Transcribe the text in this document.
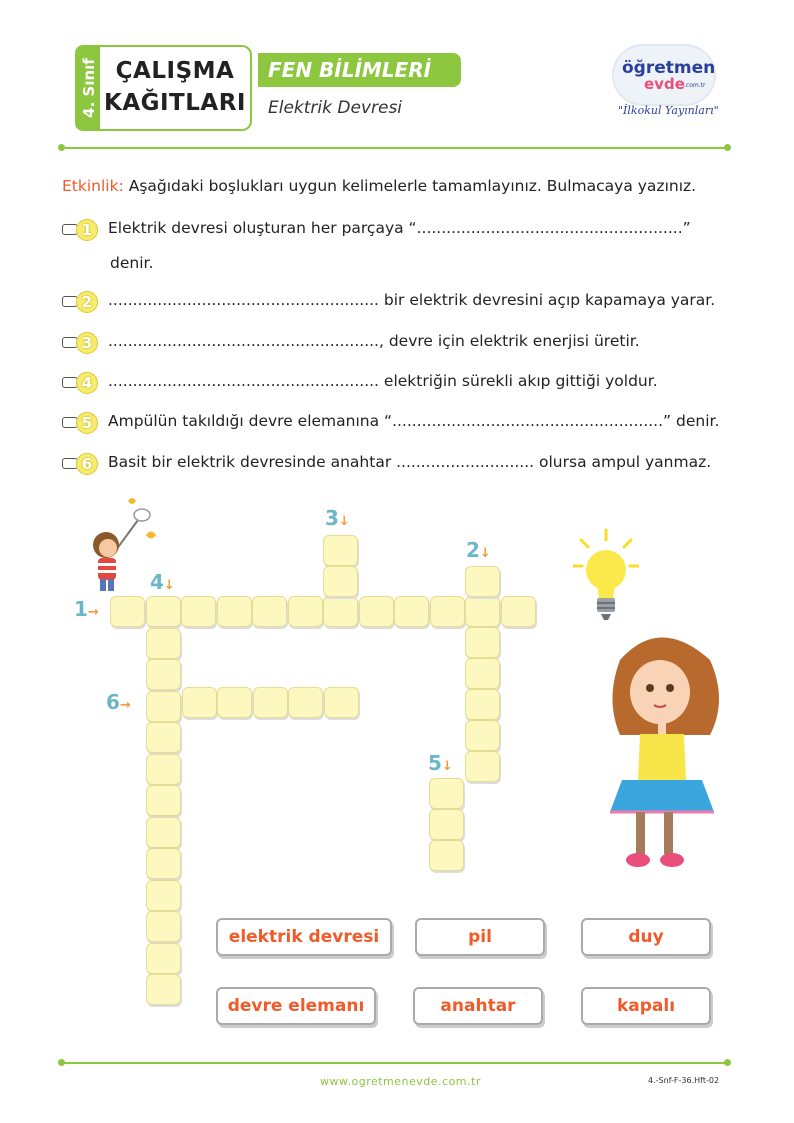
4. Sınıf ÇALIŞMA
KAĞITLARI
FEN BİLİMLERİ
Elektrik Devresi
öğretmen
evde .com.tr
"İlkokul Yayınları"
Etkinlik: Aşağıdaki boşlukları uygun kelimelerle tamamlayınız. Bulmacaya yazınız.
1	Elektrik devresi oluşturan her parçaya “......................................................”
denir.
2	....................................................... bir elektrik devresini açıp kapamaya yarar.
3	......................................................., devre için elektrik enerjisi üretir.
4	....................................................... elektriğin sürekli akıp gittiği yoldur.
5	Ampülün takıldığı devre elemanına “.......................................................” denir.
6	Basit bir elektrik devresinde anahtar ............................ olursa ampul yanmaz.
1→
2↓
3↓
4↓
5↓
6→
elektrik devresi	pil	duy
devre elemanı	anahtar	kapalı
www.ogretmenevde.com.tr	4.-Snf-F-36.Hft-02
